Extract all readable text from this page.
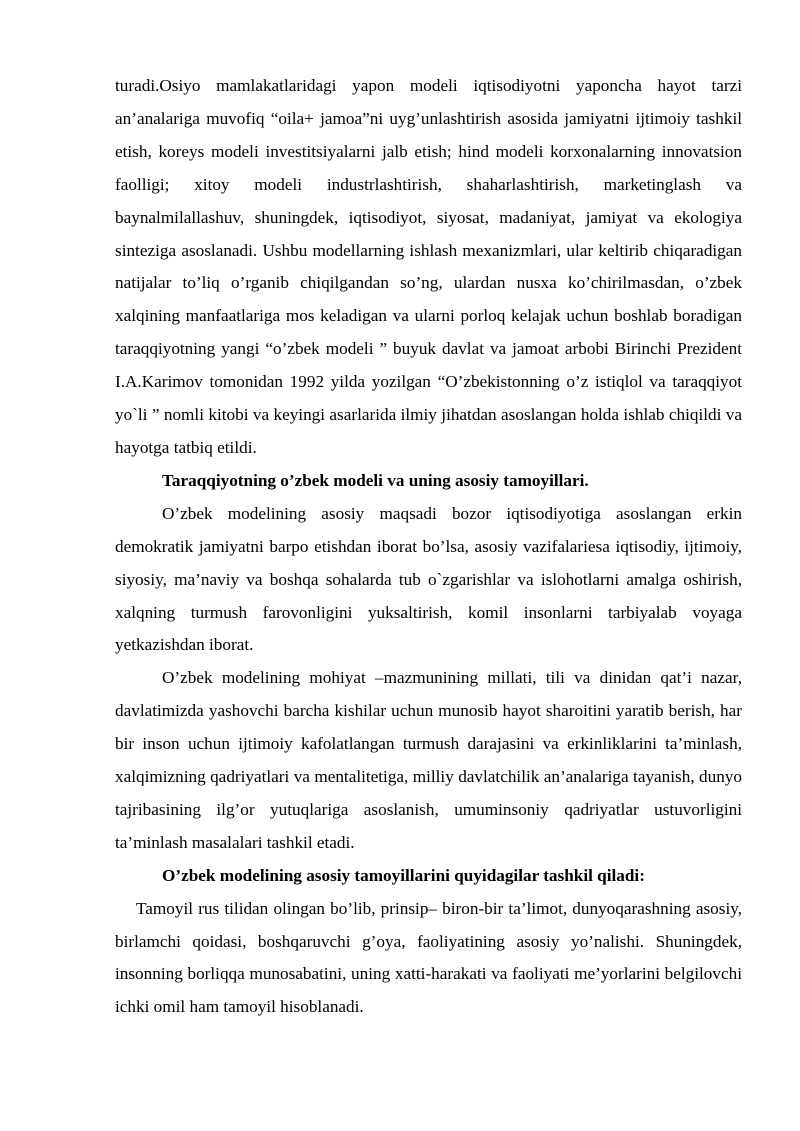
turadi.Osiyo mamlakatlaridagi yapon modeli iqtisodiyotni yaponcha hayot tarzi an’analariga muvofiq “oila+ jamoa”ni uyg’unlashtirish asosida jamiyatni ijtimoiy tashkil etish, koreys modeli investitsiyalarni jalb etish; hind modeli korxonalarning innovatsion faolligi; xitoy modeli industrlashtirish, shaharlashtirish, marketinglash va baynalmilallashuv, shuningdek, iqtisodiyot, siyosat, madaniyat, jamiyat va ekologiya sinteziga asoslanadi. Ushbu modellarning ishlash mexanizmlari, ular keltirib chiqaradigan natijalar to’liq o’rganib chiqilgandan so’ng, ulardan nusxa ko’chirilmasdan, o’zbek xalqining manfaatlariga mos keladigan va ularni porloq kelajak uchun boshlab boradigan taraqqiyotning yangi “o’zbek modeli ” buyuk davlat va jamoat arbobi Birinchi Prezident I.A.Karimov tomonidan 1992 yilda yozilgan “O’zbekistonning o’z istiqlol va taraqqiyot yo`li ” nomli kitobi va keyingi asarlarida ilmiy jihatdan asoslangan holda ishlab chiqildi va hayotga tatbiq etildi.

Taraqqiyotning o’zbek modeli va uning asosiy tamoyillari.

O’zbek modelining asosiy maqsadi bozor iqtisodiyotiga asoslangan erkin demokratik jamiyatni barpo etishdan iborat bo’lsa, asosiy vazifalariesa iqtisodiy, ijtimoiy, siyosiy, ma’naviy va boshqa sohalarda tub o`zgarishlar va islohotlarni amalga oshirish, xalqning turmush farovonligini yuksaltirish, komil insonlarni tarbiyalab voyaga yetkazishdan iborat.

O’zbek modelining mohiyat –mazmunining millati, tili va dinidan qat’i nazar, davlatimizda yashovchi barcha kishilar uchun munosib hayot sharoitini yaratib berish, har bir inson uchun ijtimoiy kafolatlangan turmush darajasini va erkinliklarini ta’minlash, xalqimizning qadriyatlari va mentalitetiga, milliy davlatchilik an’analariga tayanish, dunyo tajribasining ilg’or yutuqlariga asoslanish, umuminsoniy qadriyatlar ustuvorligini ta’minlash masalalari tashkil etadi.

O’zbek modelining asosiy tamoyillarini quyidagilar tashkil qiladi:

Tamoyil rus tilidan olingan bo’lib, prinsip– biron-bir ta’limot, dunyoqarashning asosiy, birlamchi qoidasi, boshqaruvchi g’oya, faoliyatining asosiy yo’nalishi. Shuningdek, insonning borliqqa munosabatini, uning xatti-harakati va faoliyati me’yorlarini belgilovchi ichki omil ham tamoyil hisoblanadi.
